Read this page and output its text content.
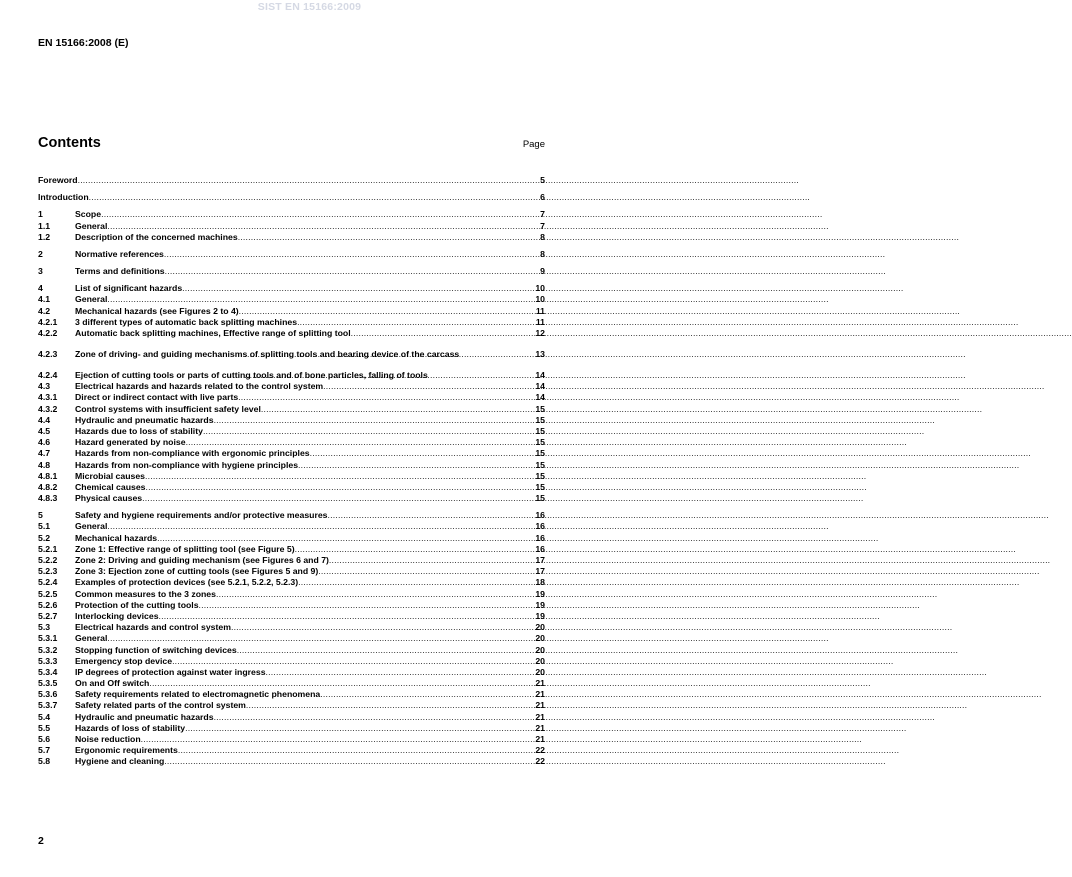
SIST EN 15166:2009
EN 15166:2008 (E)
Contents	Page
Foreword .....	5
Introduction .....	6
1	Scope .....	7
1.1	General .....	7
1.2	Description of the concerned machines .....	8
2	Normative references .....	8
3	Terms and definitions .....	9
4	List of significant hazards .....	10
4.1	General .....	10
4.2	Mechanical hazards (see Figures 2 to 4) .....	11
4.2.1	3 different types of automatic back splitting machines .....	11
4.2.2	Automatic back splitting machines, Effective range of splitting tool .....	12
4.2.3	Zone of driving- and guiding mechanisms of splitting tools and bearing device of the carcass .....	13
4.2.4	Ejection of cutting tools or parts of cutting tools and of bone particles, falling of tools .....	14
4.3	Electrical hazards and hazards related to the control system .....	14
4.3.1	Direct or indirect contact with live parts .....	14
4.3.2	Control systems with insufficient safety level .....	15
4.4	Hydraulic and pneumatic hazards .....	15
4.5	Hazards due to loss of stability .....	15
4.6	Hazard generated by noise .....	15
4.7	Hazards from non-compliance with ergonomic principles .....	15
4.8	Hazards from non-compliance with hygiene principles .....	15
4.8.1	Microbial causes .....	15
4.8.2	Chemical causes .....	15
4.8.3	Physical causes .....	15
5	Safety and hygiene requirements and/or protective measures .....	16
5.1	General .....	16
5.2	Mechanical hazards .....	16
5.2.1	Zone 1: Effective range of splitting tool (see Figure 5) .....	16
5.2.2	Zone 2: Driving and guiding mechanism (see Figures 6 and 7) .....	17
5.2.3	Zone 3: Ejection zone of cutting tools (see Figures 5 and 9) .....	17
5.2.4	Examples of protection devices (see 5.2.1, 5.2.2, 5.2.3) .....	18
5.2.5	Common measures to the 3 zones .....	19
5.2.6	Protection of the cutting tools .....	19
5.2.7	Interlocking devices .....	19
5.3	Electrical hazards and control system .....	20
5.3.1	General .....	20
5.3.2	Stopping function of switching devices .....	20
5.3.3	Emergency stop device .....	20
5.3.4	IP degrees of protection against water ingress .....	20
5.3.5	On and Off switch .....	21
5.3.6	Safety requirements related to electromagnetic phenomena .....	21
5.3.7	Safety related parts of the control system .....	21
5.4	Hydraulic and pneumatic hazards .....	21
5.5	Hazards of loss of stability .....	21
5.6	Noise reduction .....	21
5.7	Ergonomic requirements .....	22
5.8	Hygiene and cleaning .....	22
2
